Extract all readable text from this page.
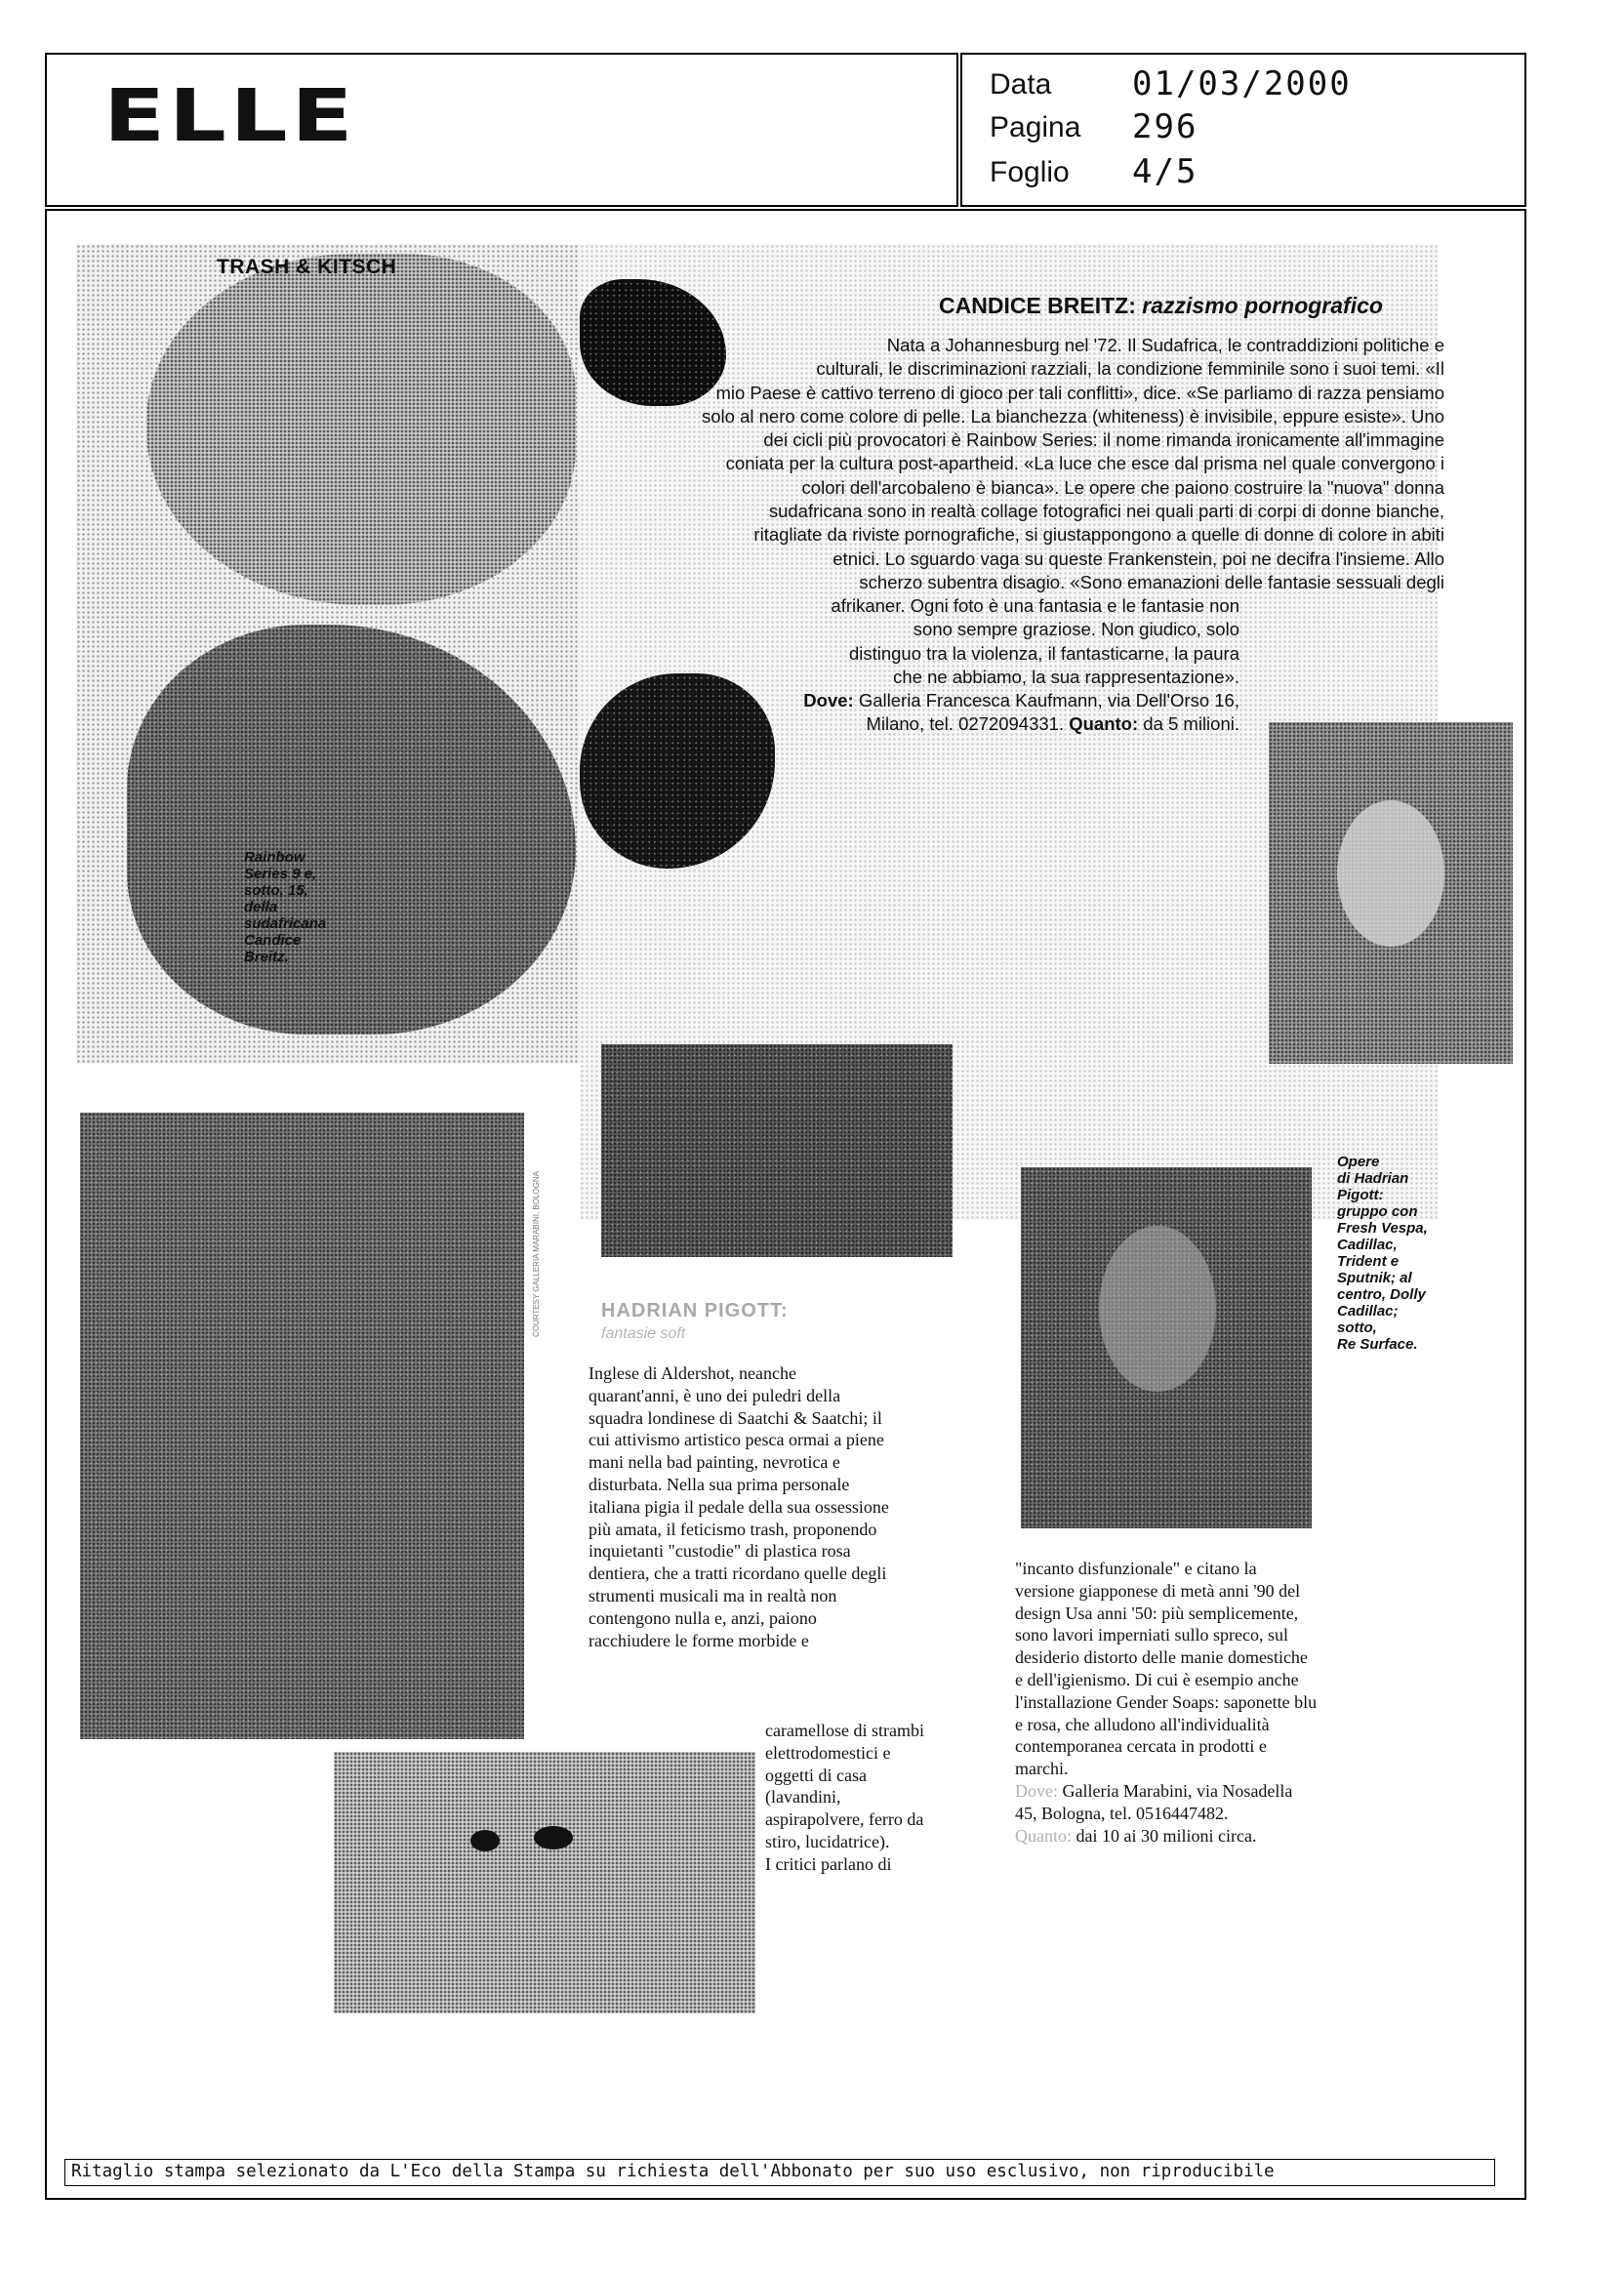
ELLE	Data 01/03/2000
Pagina 296
Foglio 4/5
TRASH & KITSCH
CANDICE BREITZ: razzismo pornografico
Nata a Johannesburg nel '72. Il Sudafrica, le contraddizioni politiche e
culturali, le discriminazioni razziali, la condizione femminile sono i suoi temi. «Il
mio Paese è cattivo terreno di gioco per tali conflitti», dice. «Se parliamo di razza pensiamo
solo al nero come colore di pelle. La bianchezza (whiteness) è invisibile, eppure esiste». Uno
dei cicli più provocatori è Rainbow Series: il nome rimanda ironicamente all'immagine
coniata per la cultura post-apartheid. «La luce che esce dal prisma nel quale convergono i
colori dell'arcobaleno è bianca». Le opere che paiono costruire la "nuova" donna
sudafricana sono in realtà collage fotografici nei quali parti di corpi di donne bianche,
ritagliate da riviste pornografiche, si giustappongono a quelle di donne di colore in abiti
etnici. Lo sguardo vaga su queste Frankenstein, poi ne decifra l'insieme. Allo
scherzo subentra disagio. «Sono emanazioni delle fantasie sessuali degli
afrikaner. Ogni foto è una fantasia e le fantasie non
sono sempre graziose. Non giudico, solo
distinguo tra la violenza, il fantasticarne, la paura
che ne abbiamo, la sua rappresentazione».
Dove: Galleria Francesca Kaufmann, via Dell'Orso 16,
Milano, tel. 0272094331. Quanto: da 5 milioni.
Rainbow
Series 9 e,
sotto, 15,
della
sudafricana
Candice
Breitz.
COURTESY GALLERIA MARABINI, BOLOGNA	HADRIAN PIGOTT:
fantasie soft
Inglese di Aldershot, neanche
quarant'anni, è uno dei puledri della
squadra londinese di Saatchi & Saatchi; il
cui attivismo artistico pesca ormai a piene
mani nella bad painting, nevrotica e
disturbata. Nella sua prima personale
italiana pigia il pedale della sua ossessione
più amata, il feticismo trash, proponendo
inquietanti "custodie" di plastica rosa
dentiera, che a tratti ricordano quelle degli
strumenti musicali ma in realtà non
contengono nulla e, anzi, paiono
racchiudere le forme morbide e
caramellose di strambi
elettrodomestici e
oggetti di casa
(lavandini,
aspirapolvere, ferro da
stiro, lucidatrice).
I critici parlano di
"incanto disfunzionale" e citano la
versione giapponese di metà anni '90 del
design Usa anni '50: più semplicemente,
sono lavori imperniati sullo spreco, sul
desiderio distorto delle manie domestiche
e dell'igienismo. Di cui è esempio anche
l'installazione Gender Soaps: saponette blu
e rosa, che alludono all'individualità
contemporanea cercata in prodotti e
marchi.
Dove: Galleria Marabini, via Nosadella
45, Bologna, tel. 0516447482.
Quanto: dai 10 ai 30 milioni circa.
Opere
di Hadrian
Pigott:
gruppo con
Fresh Vespa,
Cadillac,
Trident e
Sputnik; al
centro, Dolly
Cadillac;
sotto,
Re Surface.
Ritaglio stampa selezionato da L'Eco della Stampa su richiesta dell'Abbonato per suo uso esclusivo, non riproducibile
